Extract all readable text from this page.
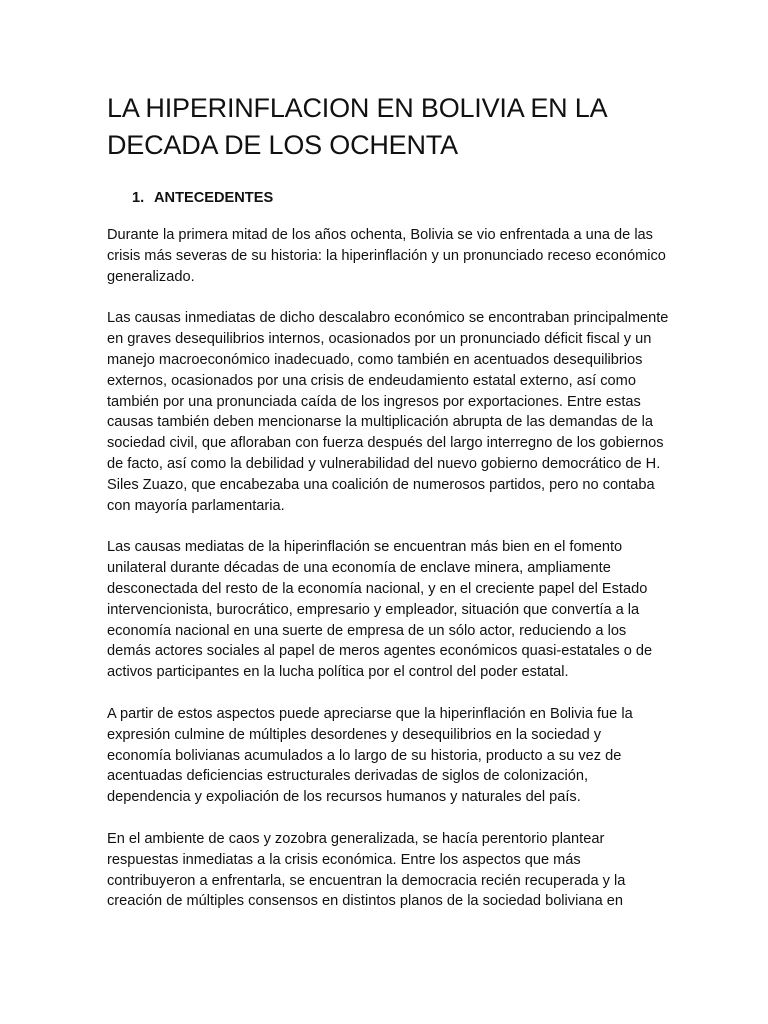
LA HIPERINFLACION EN BOLIVIA EN LA DECADA DE LOS OCHENTA
1. ANTECEDENTES

Durante la primera mitad de los años ochenta, Bolivia se vio enfrentada a una de las crisis más severas de su historia: la hiperinflación y un pronunciado receso económico generalizado.

Las causas inmediatas de dicho descalabro económico se encontraban principalmente en graves desequilibrios internos, ocasionados por un pronunciado déficit fiscal y un manejo macroeconómico inadecuado, como también en acentuados desequilibrios externos, ocasionados por una crisis de endeudamiento estatal externo, así como también por una pronunciada caída de los ingresos por exportaciones. Entre estas causas también deben mencionarse la multiplicación abrupta de las demandas de la sociedad civil, que afloraban con fuerza después del largo interregno de los gobiernos de facto, así como la debilidad y vulnerabilidad del nuevo gobierno democrático de H. Siles Zuazo, que encabezaba una coalición de numerosos partidos, pero no contaba con mayoría parlamentaria.

Las causas mediatas de la hiperinflación se encuentran más bien en el fomento unilateral durante décadas de una economía de enclave minera, ampliamente desconectada del resto de la economía nacional, y en el creciente papel del Estado intervencionista, burocrático, empresario y empleador, situación que convertía a la economía nacional en una suerte de empresa de un sólo actor, reduciendo a los demás actores sociales al papel de meros agentes económicos quasi-estatales o de activos participantes en la lucha política por el control del poder estatal.

A partir de estos aspectos puede apreciarse que la hiperinflación en Bolivia fue la expresión culmine de múltiples desordenes y desequilibrios en la sociedad y economía bolivianas acumulados a lo largo de su historia, producto a su vez de acentuadas deficiencias estructurales derivadas de siglos de colonización, dependencia y expoliación de los recursos humanos y naturales del país.

En el ambiente de caos y zozobra generalizada, se hacía perentorio plantear respuestas inmediatas a la crisis económica. Entre los aspectos que más contribuyeron a enfrentarla, se encuentran la democracia recién recuperada y la creación de múltiples consensos en distintos planos de la sociedad boliviana en
